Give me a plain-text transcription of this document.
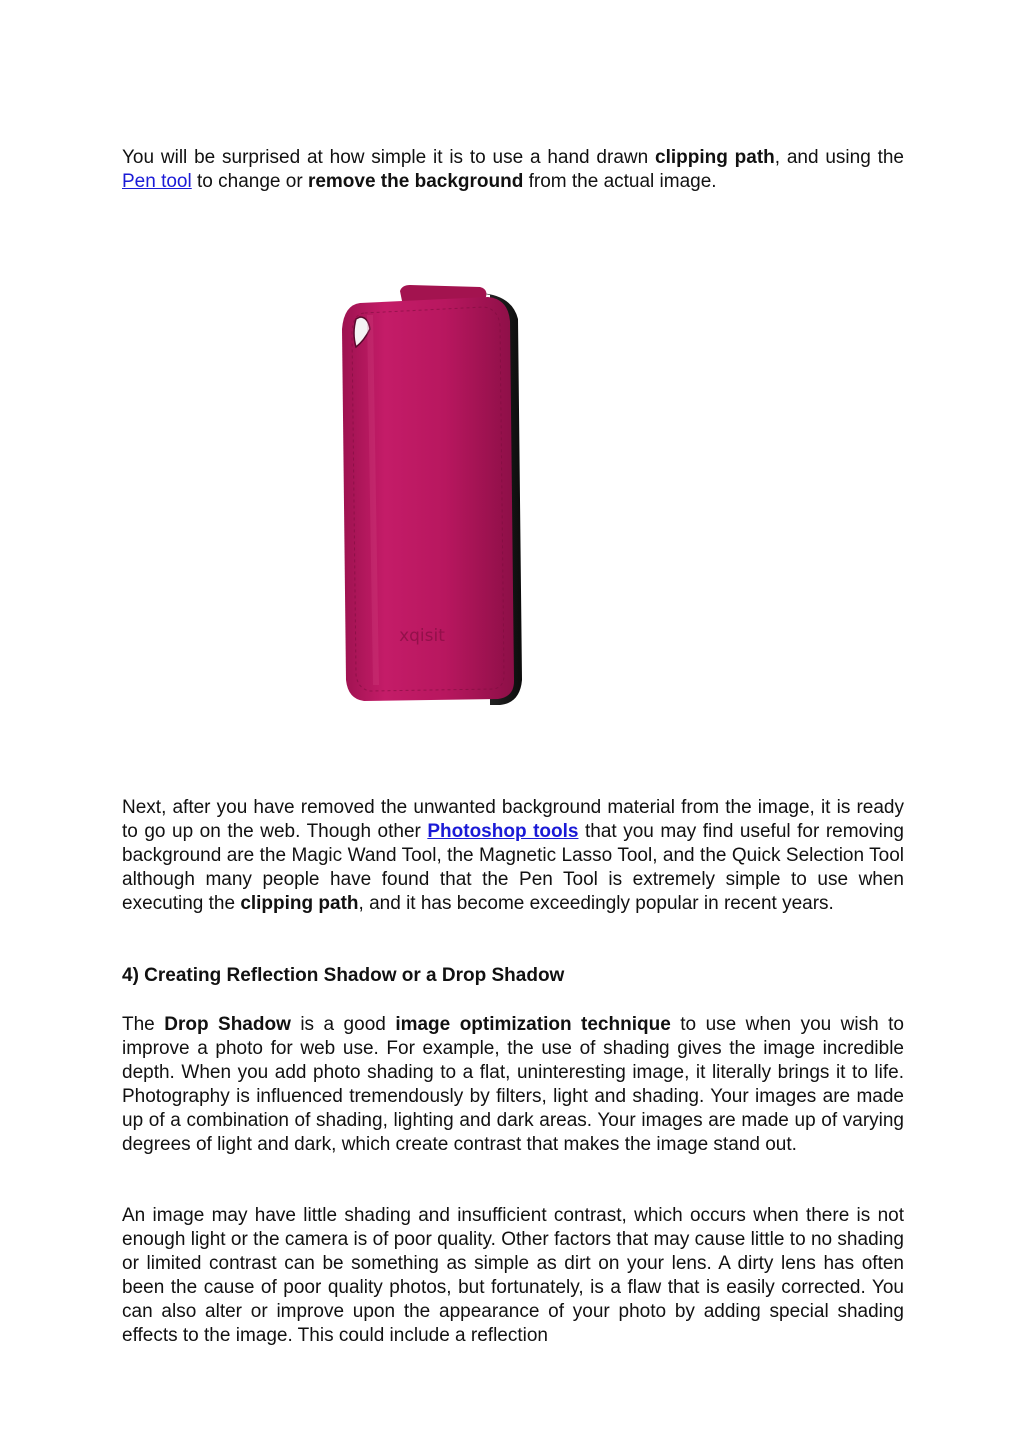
You will be surprised at how simple it is to use a hand drawn clipping path, and using the Pen tool to change or remove the background from the actual image.

xqisit

Next, after you have removed the unwanted background material from the image, it is ready to go up on the web. Though other Photoshop tools that you may find useful for removing background are the Magic Wand Tool, the Magnetic Lasso Tool, and the Quick Selection Tool although many people have found that the Pen Tool is extremely simple to use when executing the clipping path, and it has become exceedingly popular in recent years.

4) Creating Reflection Shadow or a Drop Shadow

The Drop Shadow is a good image optimization technique to use when you wish to improve a photo for web use. For example, the use of shading gives the image incredible depth. When you add photo shading to a flat, uninteresting image, it literally brings it to life. Photography is influenced tremendously by filters, light and shading. Your images are made up of a combination of shading, lighting and dark areas. Your images are made up of varying degrees of light and dark, which create contrast that makes the image stand out.

An image may have little shading and insufficient contrast, which occurs when there is not enough light or the camera is of poor quality. Other factors that may cause little to no shading or limited contrast can be something as simple as dirt on your lens. A dirty lens has often been the cause of poor quality photos, but fortunately, is a flaw that is easily corrected. You can also alter or improve upon the appearance of your photo by adding special shading effects to the image. This could include a reflection
